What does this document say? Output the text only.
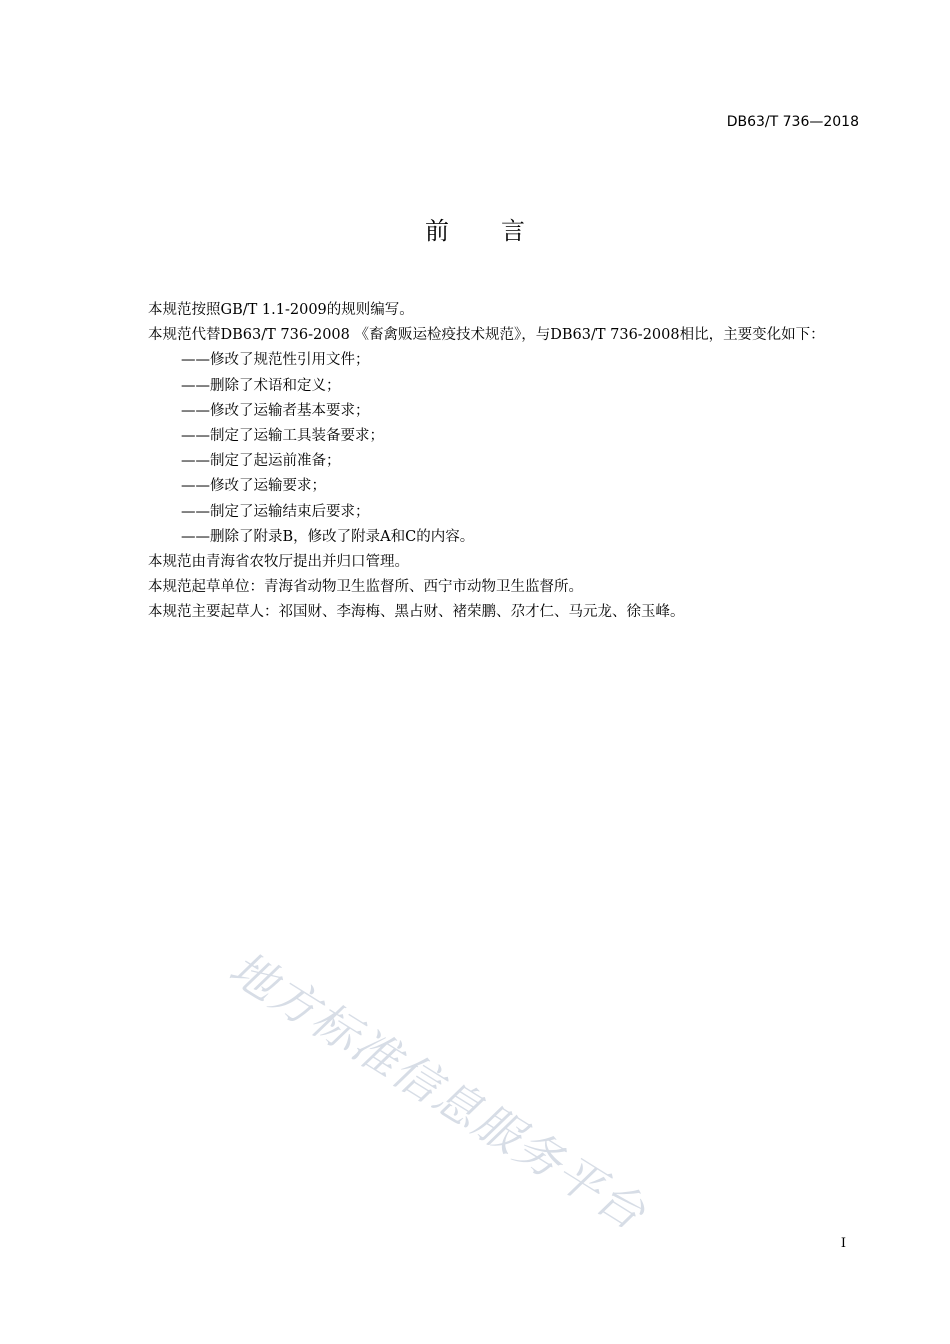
DB63/T 736—2018
前 言

本规范按照GB/T 1.1-2009的规则编写。

本规范代替DB63/T 736-2008 《畜禽贩运检疫技术规范》，与DB63/T 736-2008相比，主要变化如下：

——修改了规范性引用文件；

——删除了术语和定义；

——修改了运输者基本要求；

——制定了运输工具装备要求；

——制定了起运前准备；

——修改了运输要求；

——制定了运输结束后要求；

——删除了附录B，修改了附录A和C的内容。

本规范由青海省农牧厅提出并归口管理。

本规范起草单位：青海省动物卫生监督所、西宁市动物卫生监督所。

本规范主要起草人：祁国财、李海梅、黑占财、褚荣鹏、尕才仁、马元龙、徐玉峰。

地方标准信息服务平台
I
